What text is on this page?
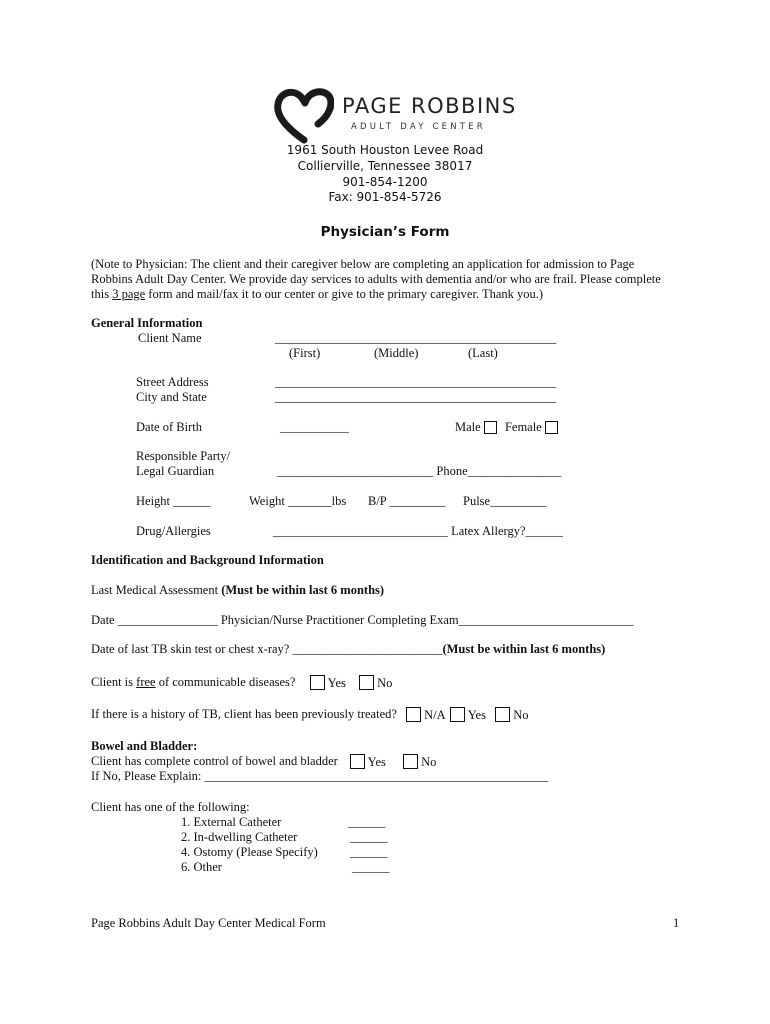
PAGE ROBBINS
ADULT DAY CENTER
1961 South Houston Levee Road
Collierville, Tennessee 38017
901-854-1200
Fax: 901-854-5726
Physician’s Form
(Note to Physician: The client and their caregiver below are completing an application for admission to Page
Robbins Adult Day Center. We provide day services to adults with dementia and/or who are frail. Please complete
this 3 page form and mail/fax it to our center or give to the primary caregiver. Thank you.)
General Information
Client Name	_____________________________________________
(First)	(Middle)	(Last)
Street Address	_____________________________________________
City and State	_____________________________________________
Date of Birth	___________	Male Female
Responsible Party/
Legal Guardian	_________________________ Phone_______________
Height ______	Weight _______lbs B/P _________ Pulse_________
Drug/Allergies	____________________________ Latex Allergy?______
Identification and Background Information
Last Medical Assessment (Must be within last 6 months)
Date ________________ Physician/Nurse Practitioner Completing Exam____________________________
Date of last TB skin test or chest x-ray? ________________________(Must be within last 6 months)
Client is free of communicable diseases?	Yes	No
If there is a history of TB, client has been previously treated?	N/A Yes No
Bowel and Bladder:
Client has complete control of bowel and bladder	Yes	No
If No, Please Explain: _______________________________________________________
Client has one of the following:
1. External Catheter	______
2. In-dwelling Catheter	______
4. Ostomy (Please Specify)	______
6. Other	______
Page Robbins Adult Day Center Medical Form	1
